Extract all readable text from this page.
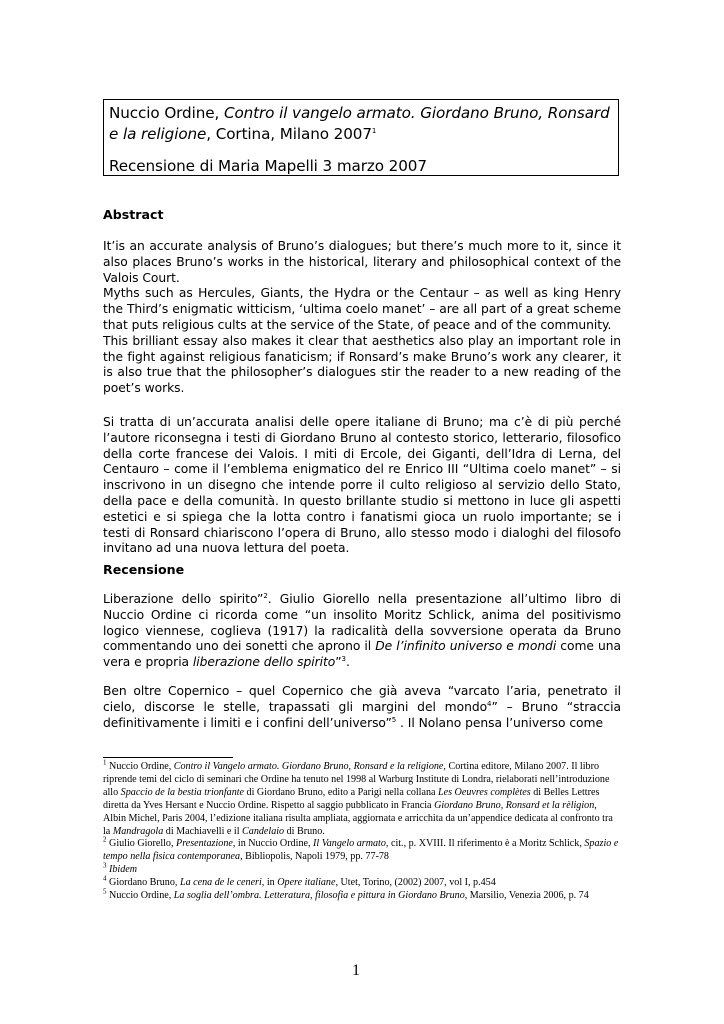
Nuccio Ordine, Contro il vangelo armato. Giordano Bruno, Ronsard e la religione, Cortina, Milano 2007$^1$
Recensione di Maria Mapelli 3 marzo 2007
Abstract

It’is an accurate analysis of Bruno’s dialogues; but there’s much more to it, since it also places Bruno’s works in the historical, literary and philosophical context of the Valois Court.

Myths such as Hercules, Giants, the Hydra or the Centaur – as well as king Henry the Third’s enigmatic witticism, ‘ultima coelo manet’ – are all part of a great scheme that puts religious cults at the service of the State, of peace and of the community.

This brilliant essay also makes it clear that aesthetics also play an important role in the fight against religious fanaticism; if Ronsard’s make Bruno’s work any clearer, it is also true that the philosopher’s dialogues stir the reader to a new reading of the poet’s works.

Si tratta di un’accurata analisi delle opere italiane di Bruno; ma c’è di più perché l’autore riconsegna i testi di Giordano Bruno al contesto storico, letterario, filosofico della corte francese dei Valois. I miti di Ercole, dei Giganti, dell’Idra di Lerna, del Centauro – come il l’emblema enigmatico del re Enrico III “Ultima coelo manet” – si inscrivono in un disegno che intende porre il culto religioso al servizio dello Stato, della pace e della comunità. In questo brillante studio si mettono in luce gli aspetti estetici e si spiega che la lotta contro i fanatismi gioca un ruolo importante; se i testi di Ronsard chiariscono l’opera di Bruno, allo stesso modo i dialoghi del filosofo invitano ad una nuova lettura del poeta.

Recensione

Liberazione dello spirito”$^2$. Giulio Giorello nella presentazione all’ultimo libro di Nuccio Ordine ci ricorda come “un insolito Moritz Schlick, anima del positivismo logico viennese, coglieva (1917) la radicalità della sovversione operata da Bruno commentando uno dei sonetti che aprono il De l’infinito universo e mondi come una vera e propria liberazione dello spirito”$^3$.

Ben oltre Copernico – quel Copernico che già aveva “varcato l’aria, penetrato il cielo, discorse le stelle, trapassati gli margini del mondo$^4$” – Bruno “straccia definitivamente i limiti e i confini dell’universo”$^5$ . Il Nolano pensa l’universo come

$^1$ Nuccio Ordine, Contro il Vangelo armato. Giordano Bruno, Ronsard e la religione, Cortina editore, Milano 2007. Il libro riprende temi del ciclo di seminari che Ordine ha tenuto nel 1998 al Warburg Institute di Londra, rielaborati nell’introduzione allo Spaccio de la bestia trionfante di Giordano Bruno, edito a Parigi nella collana Les Oeuvres complètes di Belles Lettres diretta da Yves Hersant e Nuccio Ordine. Rispetto al saggio pubblicato in Francia Giordano Bruno, Ronsard et la rèligion, Albin Michel, Paris 2004, l’edizione italiana risulta ampliata, aggiornata e arricchita da un’appendice dedicata al confronto tra la Mandragola di Machiavelli e il Candelaio di Bruno.

$^2$ Giulio Giorello, Presentazione, in Nuccio Ordine, Il Vangelo armato, cit., p. XVIII. Il riferimento è a Moritz Schlick, Spazio e tempo nella fisica contemporanea, Bibliopolis, Napoli 1979, pp. 77-78

$^3$ Ibidem

$^4$ Giordano Bruno, La cena de le ceneri, in Opere italiane, Utet, Torino, (2002) 2007, vol I, p.454

$^5$ Nuccio Ordine, La soglia dell’ombra. Letteratura, filosofia e pittura in Giordano Bruno, Marsilio, Venezia 2006, p. 74

1
